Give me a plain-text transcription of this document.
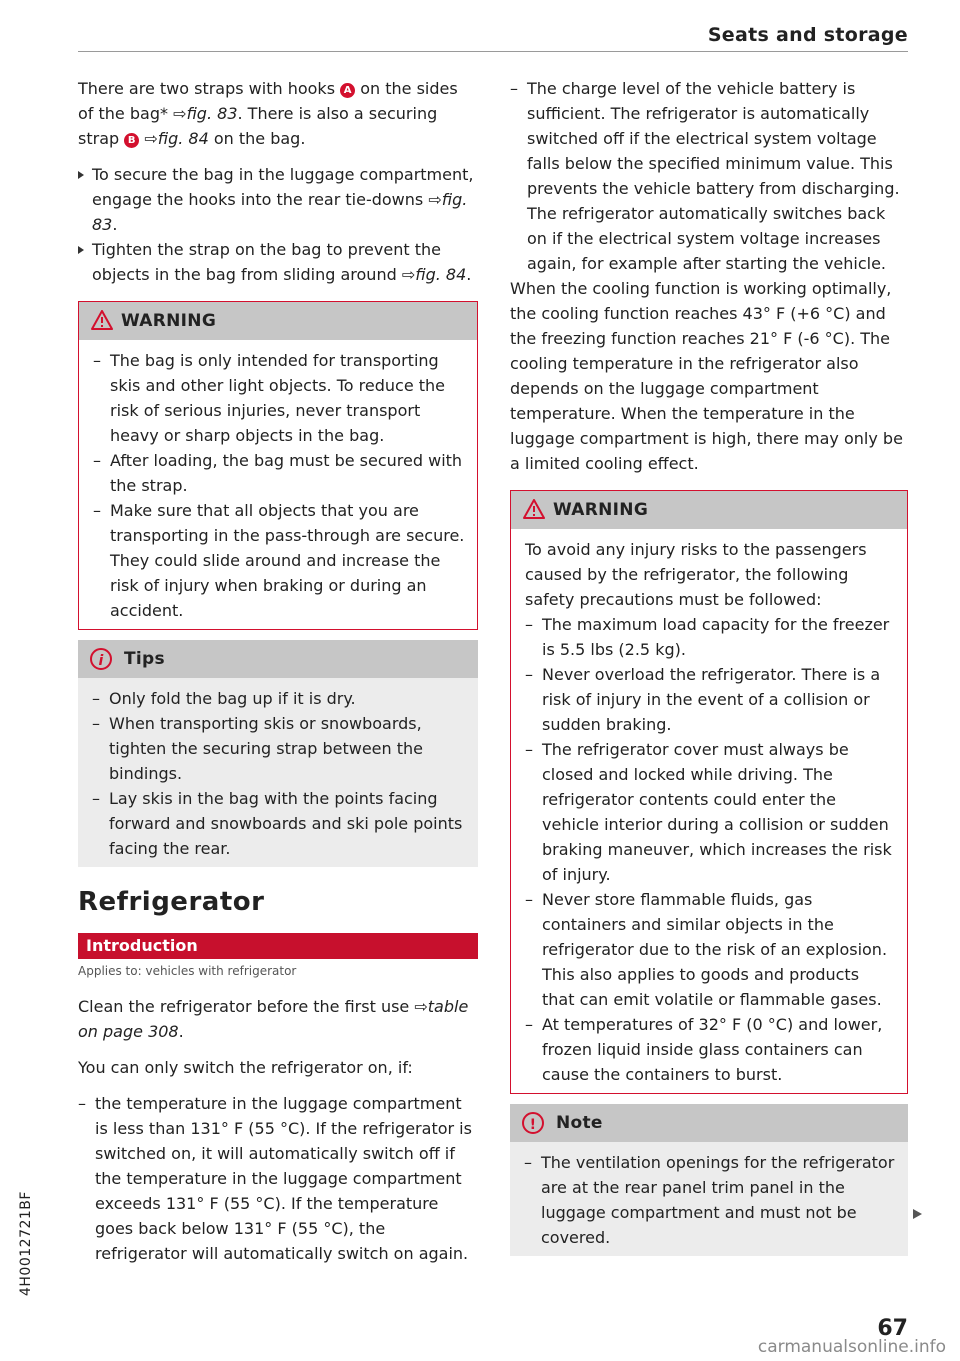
Seats and storage

There are two straps with hooks A on the sides of the bag* ⇨fig. 83. There is also a securing strap B ⇨fig. 84 on the bag.

To secure the bag in the luggage compartment, engage the hooks into the rear tie-downs ⇨fig. 83.

Tighten the strap on the bag to prevent the objects in the bag from sliding around ⇨fig. 84.

WARNING
– The bag is only intended for transporting skis and other light objects. To reduce the risk of serious injuries, never transport heavy or sharp objects in the bag.
– After loading, the bag must be secured with the strap.
– Make sure that all objects that you are transporting in the pass-through are secure. They could slide around and increase the risk of injury when braking or during an accident.
i	Tips
– Only fold the bag up if it is dry.
– When transporting skis or snowboards, tighten the securing strap between the bindings.
– Lay skis in the bag with the points facing forward and snowboards and ski pole points facing the rear.
Refrigerator
Introduction
Applies to: vehicles with refrigerator

Clean the refrigerator before the first use ⇨table on page 308.

You can only switch the refrigerator on, if:

– the temperature in the luggage compartment is less than 131° F (55 °C). If the refrigerator is switched on, it will automatically switch off if the temperature in the luggage compartment exceeds 131° F (55 °C). If the temperature goes back below 131° F (55 °C), the refrigerator will automatically switch on again.
– The charge level of the vehicle battery is sufficient. The refrigerator is automatically switched off if the electrical system voltage falls below the specified minimum value. This prevents the vehicle battery from discharging. The refrigerator automatically switches back on if the electrical system voltage increases again, for example after starting the vehicle.

When the cooling function is working optimally, the cooling function reaches 43° F (+6 °C) and the freezing function reaches 21° F (-6 °C). The cooling temperature in the refrigerator also depends on the luggage compartment temperature. When the temperature in the luggage compartment is high, there may only be a limited cooling effect.

WARNING

To avoid any injury risks to the passengers caused by the refrigerator, the following safety precautions must be followed:

– The maximum load capacity for the freezer is 5.5 lbs (2.5 kg).
– Never overload the refrigerator. There is a risk of injury in the event of a collision or sudden braking.
– The refrigerator cover must always be closed and locked while driving. The refrigerator contents could enter the vehicle interior during a collision or sudden braking maneuver, which increases the risk of injury.
– Never store flammable fluids, gas containers and similar objects in the refrigerator due to the risk of an explosion. This also applies to goods and products that can emit volatile or flammable gases.
– At temperatures of 32° F (0 °C) and lower, frozen liquid inside glass containers can cause the containers to burst.
!	Note
– The ventilation openings for the refrigerator are at the rear panel trim panel in the luggage compartment and must not be covered.
4H0012721BF
67
carmanualsonline.info
